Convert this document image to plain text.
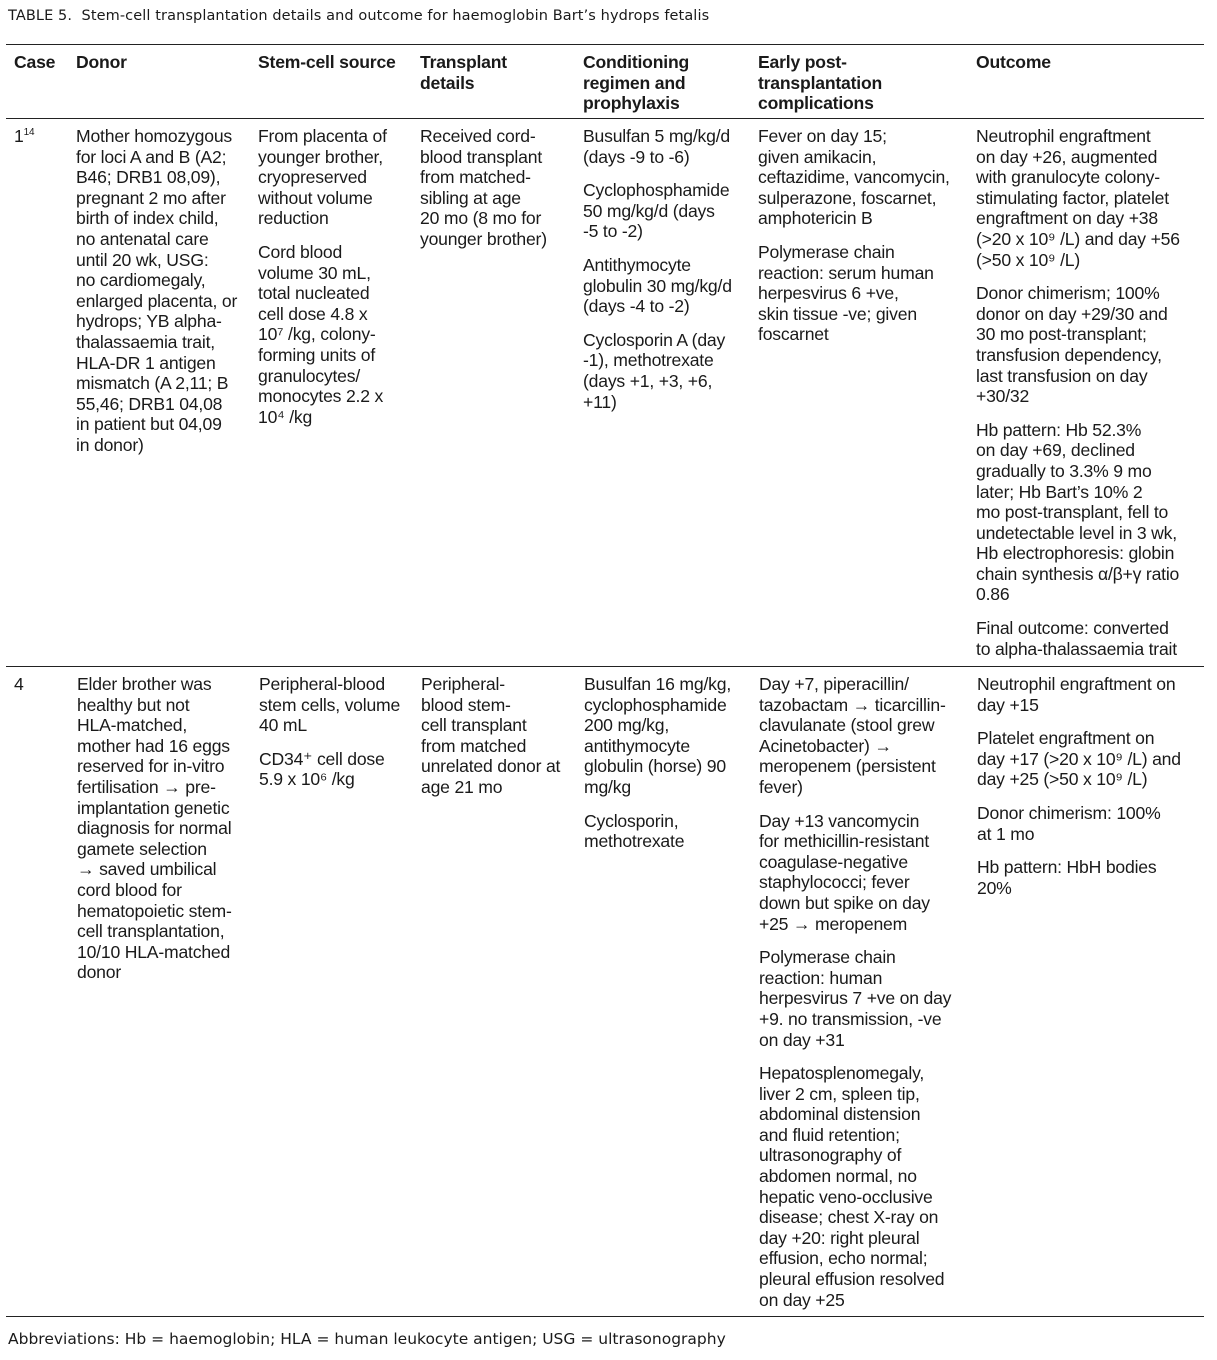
TABLE 5. Stem-cell transplantation details and outcome for haemoglobin Bart’s hydrops fetalis
Case Donor	Stem-cell source Transplant
details
Conditioning
regimen and
prophylaxis
Early post-
transplantation
complications
Outcome
$1^{14}$ Mother homozygous
for loci A and B (A2;
B46; DRB1 08,09),
pregnant 2 mo after
birth of index child,
no antenatal care
until 20 wk, USG:
no cardiomegaly,
enlarged placenta, or
hydrops; YB alpha-
thalassaemia trait,
HLA-DR 1 antigen
mismatch (A 2,11; B
55,46; DRB1 04,08
in patient but 04,09
in donor)
From placenta of
younger brother,
cryopreserved
without volume
reduction
Cord blood
volume 30 mL,
total nucleated
cell dose 4.8 x
10⁷ /kg, colony-
forming units of
granulocytes/
monocytes 2.2 x
10⁴ /kg
Received cord-
blood transplant
from matched-
sibling at age
20 mo (8 mo for
younger brother)
Busulfan 5 mg/kg/d
(days -9 to -6)
Cyclophosphamide
50 mg/kg/d (days
-5 to -2)
Antithymocyte
globulin 30 mg/kg/d
(days -4 to -2)
Cyclosporin A (day
-1), methotrexate
(days +1, +3, +6,
+11)
Fever on day 15;
given amikacin,
ceftazidime, vancomycin,
sulperazone, foscarnet,
amphotericin B
Polymerase chain
reaction: serum human
herpesvirus 6 +ve,
skin tissue -ve; given
foscarnet
Neutrophil engraftment
on day +26, augmented
with granulocyte colony-
stimulating factor, platelet
engraftment on day +38
(>20 x 10⁹ /L) and day +56
(>50 x 10⁹ /L)
Donor chimerism; 100%
donor on day +29/30 and
30 mo post-transplant;
transfusion dependency,
last transfusion on day
+30/32
Hb pattern: Hb 52.3%
on day +69, declined
gradually to 3.3% 9 mo
later; Hb Bart’s 10% 2
mo post-transplant, fell to
undetectable level in 3 wk,
Hb electrophoresis: globin
chain synthesis α/β+γ ratio
0.86
Final outcome: converted
to alpha-thalassaemia trait
4	Elder brother was
healthy but not
HLA-matched,
mother had 16 eggs
reserved for in-vitro
fertilisation → pre-
implantation genetic
diagnosis for normal
gamete selection
→ saved umbilical
cord blood for
hematopoietic stem-
cell transplantation,
10/10 HLA-matched
donor
Peripheral-blood
stem cells, volume
40 mL
CD34⁺ cell dose
5.9 x 10⁶ /kg
Peripheral-
blood stem-
cell transplant
from matched
unrelated donor at
age 21 mo
Busulfan 16 mg/kg,
cyclophosphamide
200 mg/kg,
antithymocyte
globulin (horse) 90
mg/kg
Cyclosporin,
methotrexate
Day +7, piperacillin/
tazobactam → ticarcillin-
clavulanate (stool grew
Acinetobacter) →
meropenem (persistent
fever)
Day +13 vancomycin
for methicillin-resistant
coagulase-negative
staphylococci; fever
down but spike on day
+25 → meropenem
Polymerase chain
reaction: human
herpesvirus 7 +ve on day
+9. no transmission, -ve
on day +31
Hepatosplenomegaly,
liver 2 cm, spleen tip,
abdominal distension
and fluid retention;
ultrasonography of
abdomen normal, no
hepatic veno-occlusive
disease; chest X-ray on
day +20: right pleural
effusion, echo normal;
pleural effusion resolved
on day +25
Neutrophil engraftment on
day +15
Platelet engraftment on
day +17 (>20 x 10⁹ /L) and
day +25 (>50 x 10⁹ /L)
Donor chimerism: 100%
at 1 mo
Hb pattern: HbH bodies
20%
Abbreviations: Hb = haemoglobin; HLA = human leukocyte antigen; USG = ultrasonography
